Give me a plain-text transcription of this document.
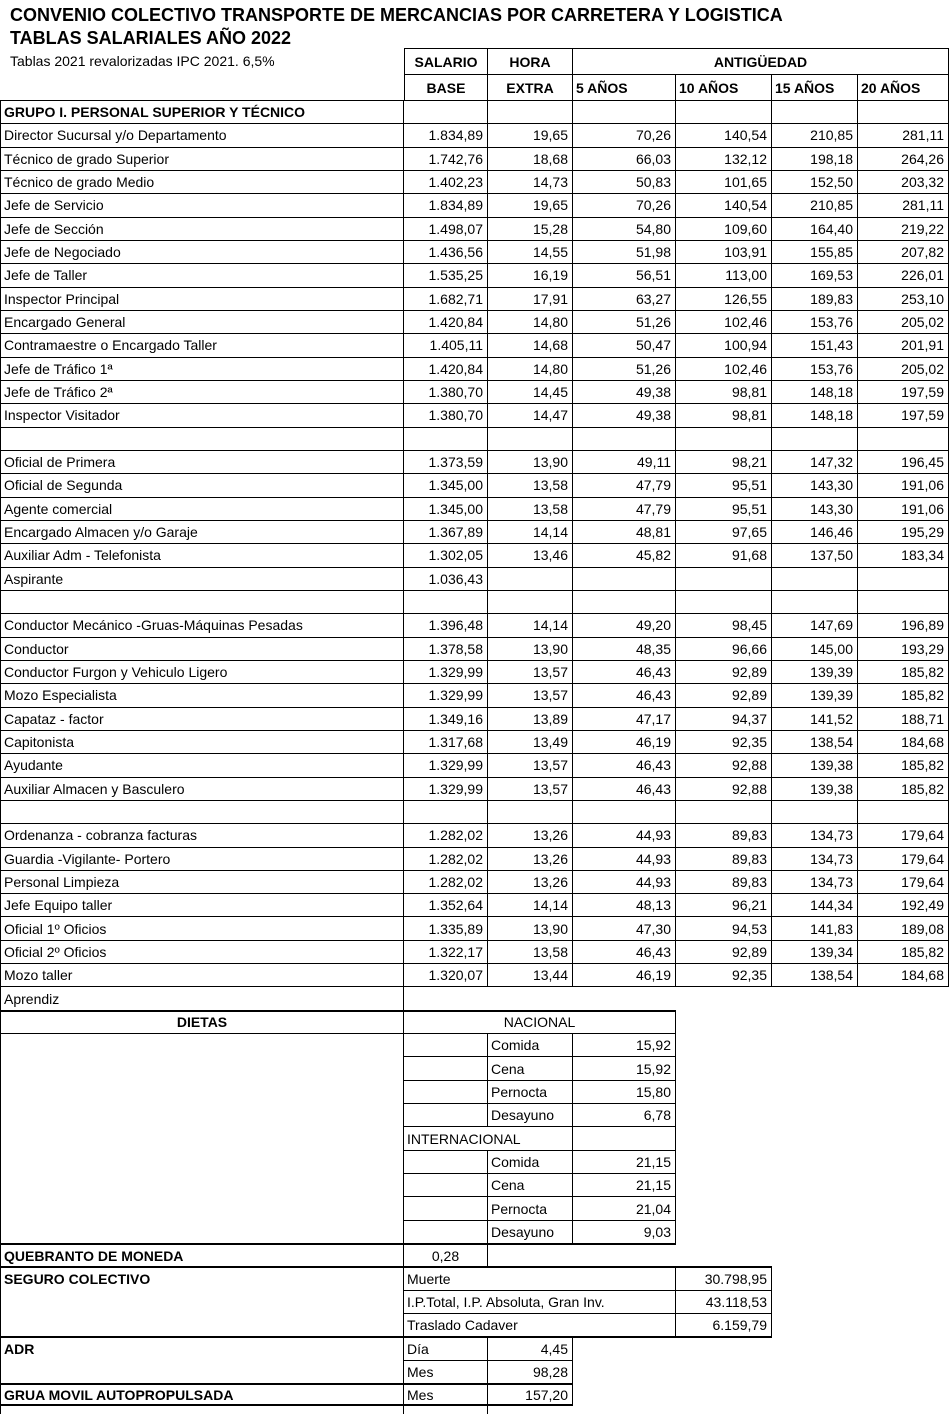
CONVENIO COLECTIVO TRANSPORTE DE MERCANCIAS POR CARRETERA Y LOGISTICA
TABLAS SALARIALES AÑO 2022
Tablas 2021 revalorizadas IPC 2021. 6,5%	SALARIO	HORA	ANTIGÜEDAD
BASE	EXTRA	5 AÑOS	10 AÑOS	15 AÑOS	20 AÑOS
GRUPO I. PERSONAL SUPERIOR Y TÉCNICO
Director Sucursal y/o Departamento	1.834,89	19,65	70,26	140,54	210,85	281,11
Técnico de grado Superior	1.742,76	18,68	66,03	132,12	198,18	264,26
Técnico de grado Medio	1.402,23	14,73	50,83	101,65	152,50	203,32
Jefe de Servicio	1.834,89	19,65	70,26	140,54	210,85	281,11
Jefe de Sección	1.498,07	15,28	54,80	109,60	164,40	219,22
Jefe de Negociado	1.436,56	14,55	51,98	103,91	155,85	207,82
Jefe de Taller	1.535,25	16,19	56,51	113,00	169,53	226,01
Inspector Principal	1.682,71	17,91	63,27	126,55	189,83	253,10
Encargado General	1.420,84	14,80	51,26	102,46	153,76	205,02
Contramaestre o Encargado Taller	1.405,11	14,68	50,47	100,94	151,43	201,91
Jefe de Tráfico 1ª	1.420,84	14,80	51,26	102,46	153,76	205,02
Jefe de Tráfico 2ª	1.380,70	14,45	49,38	98,81	148,18	197,59
Inspector Visitador	1.380,70	14,47	49,38	98,81	148,18	197,59
Oficial de Primera	1.373,59	13,90	49,11	98,21	147,32	196,45
Oficial de Segunda	1.345,00	13,58	47,79	95,51	143,30	191,06
Agente comercial	1.345,00	13,58	47,79	95,51	143,30	191,06
Encargado Almacen y/o Garaje	1.367,89	14,14	48,81	97,65	146,46	195,29
Auxiliar Adm - Telefonista	1.302,05	13,46	45,82	91,68	137,50	183,34
Aspirante	1.036,43
Conductor Mecánico -Gruas-Máquinas Pesadas	1.396,48	14,14	49,20	98,45	147,69	196,89
Conductor	1.378,58	13,90	48,35	96,66	145,00	193,29
Conductor Furgon y Vehiculo Ligero	1.329,99	13,57	46,43	92,89	139,39	185,82
Mozo Especialista	1.329,99	13,57	46,43	92,89	139,39	185,82
Capataz - factor	1.349,16	13,89	47,17	94,37	141,52	188,71
Capitonista	1.317,68	13,49	46,19	92,35	138,54	184,68
Ayudante	1.329,99	13,57	46,43	92,88	139,38	185,82
Auxiliar Almacen y Basculero	1.329,99	13,57	46,43	92,88	139,38	185,82
Ordenanza - cobranza facturas	1.282,02	13,26	44,93	89,83	134,73	179,64
Guardia -Vigilante- Portero	1.282,02	13,26	44,93	89,83	134,73	179,64
Personal Limpieza	1.282,02	13,26	44,93	89,83	134,73	179,64
Jefe Equipo taller	1.352,64	14,14	48,13	96,21	144,34	192,49
Oficial 1º Oficios	1.335,89	13,90	47,30	94,53	141,83	189,08
Oficial 2º Oficios	1.322,17	13,58	46,43	92,89	139,34	185,82
Mozo taller	1.320,07	13,44	46,19	92,35	138,54	184,68
Aprendiz
DIETAS	NACIONAL
Comida	15,92
Cena	15,92
Pernocta	15,80
Desayuno	6,78
INTERNACIONAL
Comida	21,15
Cena	21,15
Pernocta	21,04
Desayuno	9,03
QUEBRANTO DE MONEDA	0,28
SEGURO COLECTIVO	Muerte	30.798,95
I.P.Total, I.P. Absoluta, Gran Inv.	43.118,53
Traslado Cadaver	6.159,79
ADR	Día	4,45
Mes	98,28
GRUA MOVIL AUTOPROPULSADA	Mes	157,20
